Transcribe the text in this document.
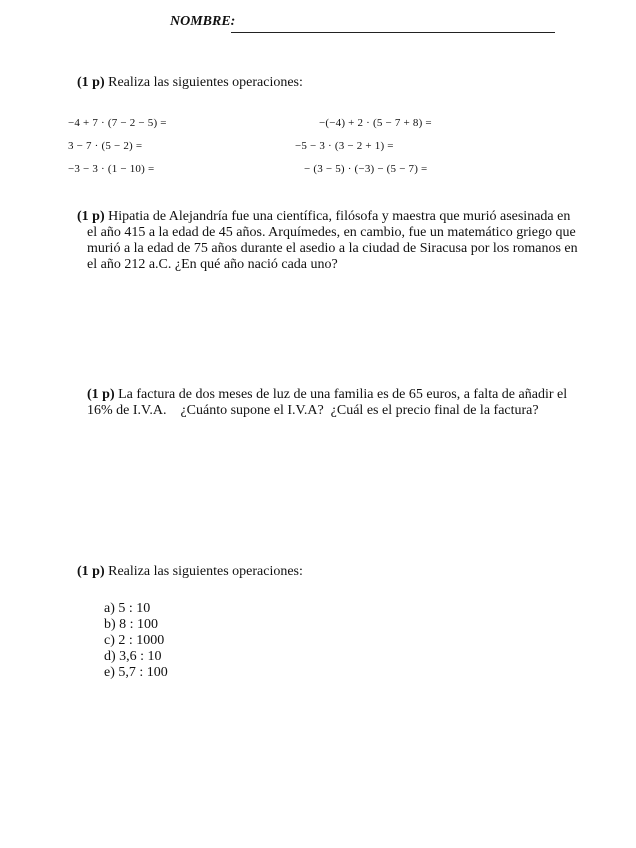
NOMBRE:
(1 p) Realiza las siguientes operaciones:
−4 + 7 · (7 − 2 − 5) =
3 − 7 · (5 − 2) =
−3 − 3 · (1 − 10) =
−(−4) + 2 · (5 − 7 + 8) =
−5 − 3 · (3 − 2 + 1) =
− (3 − 5) · (−3) − (5 − 7) =
(1 p) Hipatia de Alejandría fue una científica, filósofa y maestra que murió asesinada en
el año 415 a la edad de 45 años. Arquímedes, en cambio, fue un matemático griego que
murió a la edad de 75 años durante el asedio a la ciudad de Siracusa por los romanos en
el año 212 a.C. ¿En qué año nació cada uno?
(1 p) La factura de dos meses de luz de una familia es de 65 euros, a falta de añadir el
16% de I.V.A.    ¿Cuánto supone el I.V.A?  ¿Cuál es el precio final de la factura?
(1 p) Realiza las siguientes operaciones:
a) 5 : 10
b) 8 : 100
c) 2 : 1000
d) 3,6 : 10
e) 5,7 : 100
